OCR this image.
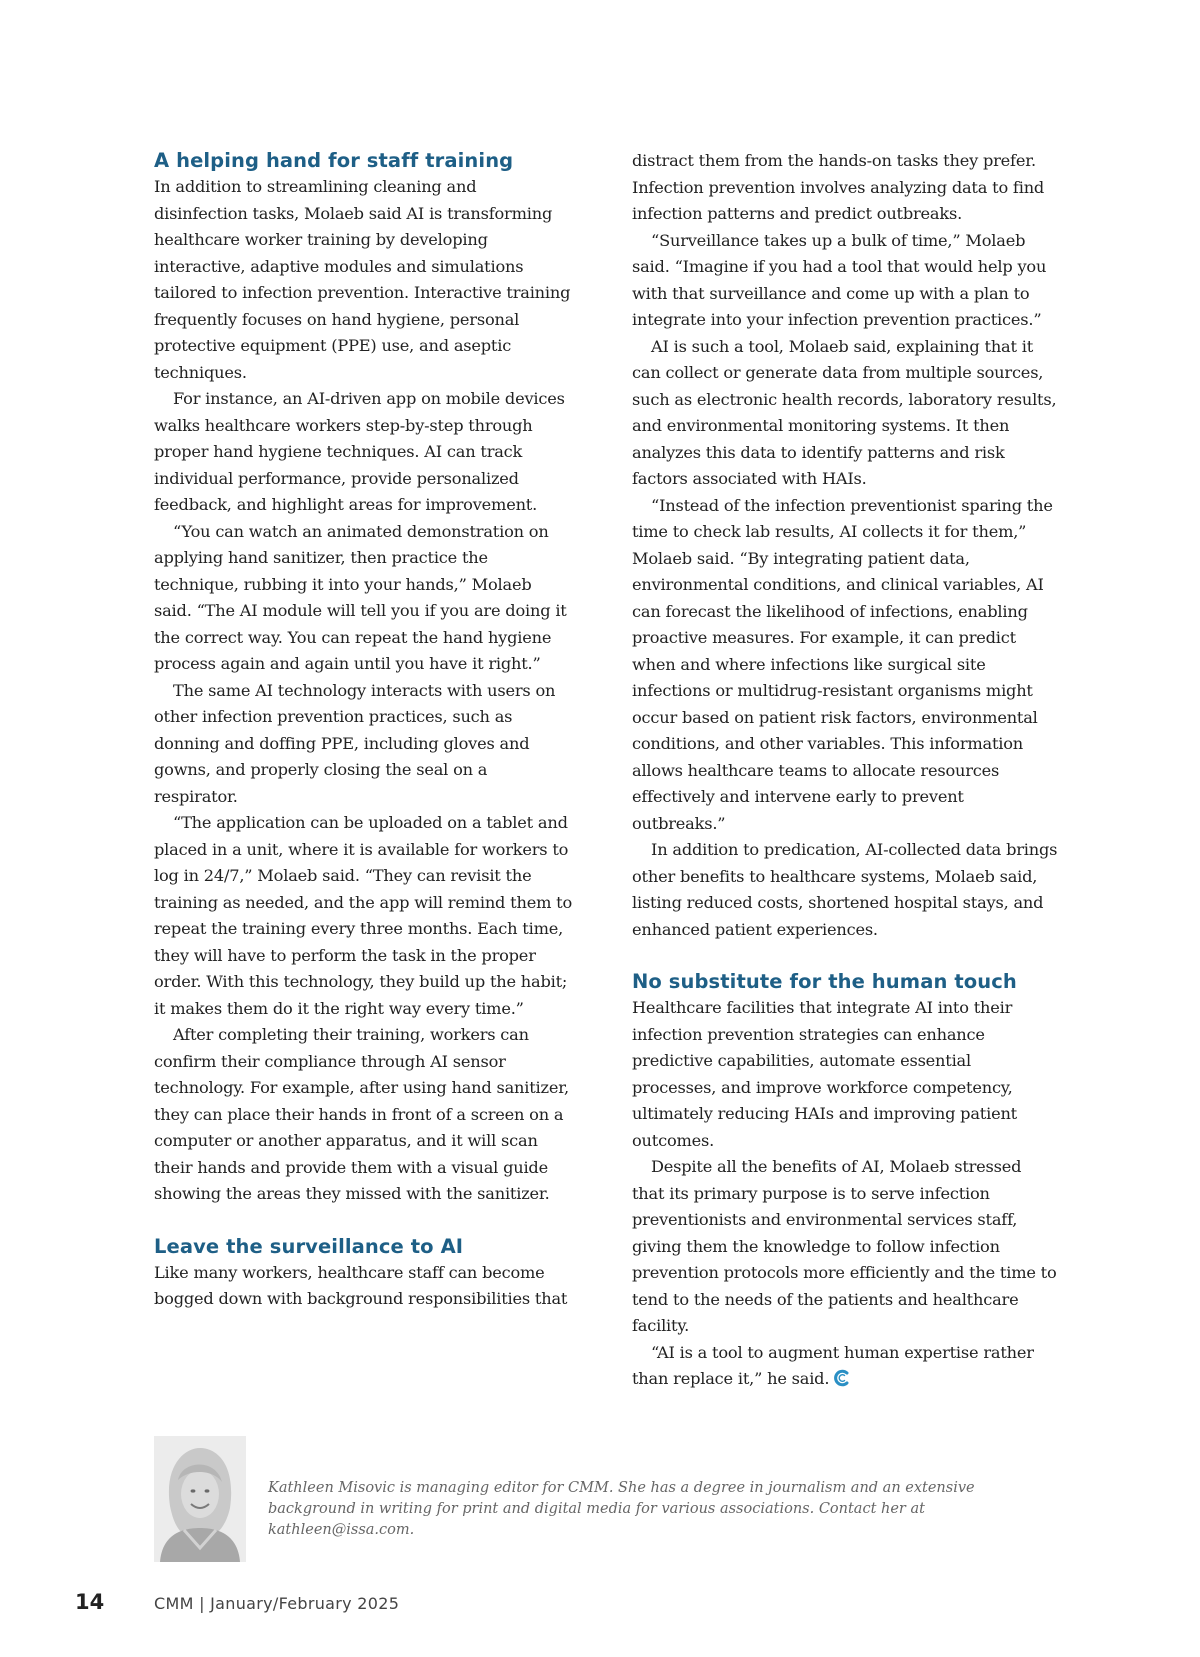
A helping hand for staff training

In addition to streamlining cleaning and disinfection tasks, Molaeb said AI is transforming healthcare worker training by developing interactive, adaptive modules and simulations tailored to infection prevention. Interactive training frequently focuses on hand hygiene, personal protective equipment (PPE) use, and aseptic techniques.

For instance, an AI-driven app on mobile devices walks healthcare workers step-by-step through proper hand hygiene techniques. AI can track individual performance, provide personalized feedback, and highlight areas for improvement.

“You can watch an animated demonstration on applying hand sanitizer, then practice the technique, rubbing it into your hands,” Molaeb said. “The AI module will tell you if you are doing it the correct way. You can repeat the hand hygiene process again and again until you have it right.”

The same AI technology interacts with users on other infection prevention practices, such as donning and doffing PPE, including gloves and gowns, and properly closing the seal on a respirator.

“The application can be uploaded on a tablet and placed in a unit, where it is available for workers to log in 24/7,” Molaeb said. “They can revisit the training as needed, and the app will remind them to repeat the training every three months. Each time, they will have to perform the task in the proper order. With this technology, they build up the habit; it makes them do it the right way every time.”

After completing their training, workers can confirm their compliance through AI sensor technology. For example, after using hand sanitizer, they can place their hands in front of a screen on a computer or another apparatus, and it will scan their hands and provide them with a visual guide showing the areas they missed with the sanitizer.

Leave the surveillance to AI

Like many workers, healthcare staff can become bogged down with background responsibilities that

distract them from the hands-on tasks they prefer. Infection prevention involves analyzing data to find infection patterns and predict outbreaks.

“Surveillance takes up a bulk of time,” Molaeb said. “Imagine if you had a tool that would help you with that surveillance and come up with a plan to integrate into your infection prevention practices.”

AI is such a tool, Molaeb said, explaining that it can collect or generate data from multiple sources, such as electronic health records, laboratory results, and environmental monitoring systems. It then analyzes this data to identify patterns and risk factors associated with HAIs.

“Instead of the infection preventionist sparing the time to check lab results, AI collects it for them,” Molaeb said. “By integrating patient data, environmental conditions, and clinical variables, AI can forecast the likelihood of infections, enabling proactive measures. For example, it can predict when and where infections like surgical site infections or multidrug-resistant organisms might occur based on patient risk factors, environmental conditions, and other variables. This information allows healthcare teams to allocate resources effectively and intervene early to prevent outbreaks.”

In addition to predication, AI-collected data brings other benefits to healthcare systems, Molaeb said, listing reduced costs, shortened hospital stays, and enhanced patient experiences.

No substitute for the human touch

Healthcare facilities that integrate AI into their infection prevention strategies can enhance predictive capabilities, automate essential processes, and improve workforce competency, ultimately reducing HAIs and improving patient outcomes.

Despite all the benefits of AI, Molaeb stressed that its primary purpose is to serve infection preventionists and environmental services staff, giving them the knowledge to follow infection prevention protocols more efficiently and the time to tend to the needs of the patients and healthcare facility.

“AI is a tool to augment human expertise rather than replace it,” he said.

Kathleen Misovic is managing editor for CMM. She has a degree in journalism and an extensive background in writing for print and digital media for various associations. Contact her at kathleen@issa.com.

14	CMM | January/February 2025
